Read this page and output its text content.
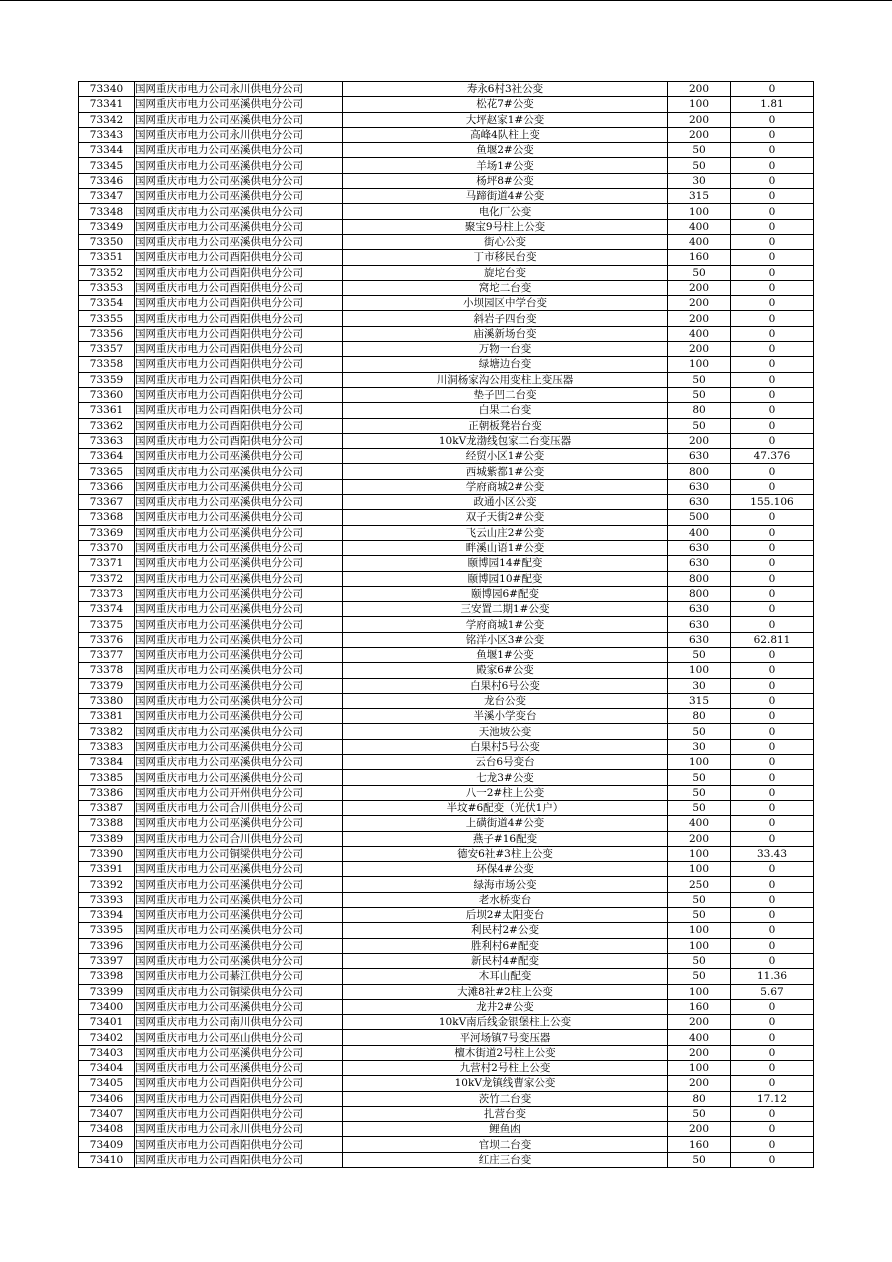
73340	国网重庆市电力公司永川供电分公司	寿永6村3社公变	200	0
73341	国网重庆市电力公司巫溪供电分公司	松花7#公变	100	1.81
73342	国网重庆市电力公司巫溪供电分公司	大坪赵家1#公变	200	0
73343	国网重庆市电力公司永川供电分公司	高峰4队柱上变	200	0
73344	国网重庆市电力公司巫溪供电分公司	鱼堰2#公变	50	0
73345	国网重庆市电力公司巫溪供电分公司	羊场1#公变	50	0
73346	国网重庆市电力公司巫溪供电分公司	杨坪8#公变	30	0
73347	国网重庆市电力公司巫溪供电分公司	马蹄街道4#公变	315	0
73348	国网重庆市电力公司巫溪供电分公司	电化厂公变	100	0
73349	国网重庆市电力公司巫溪供电分公司	聚宝9号柱上公变	400	0
73350	国网重庆市电力公司巫溪供电分公司	街心公变	400	0
73351	国网重庆市电力公司酉阳供电分公司	丁市移民台变	160	0
73352	国网重庆市电力公司酉阳供电分公司	旋坨台变	50	0
73353	国网重庆市电力公司酉阳供电分公司	窝坨二台变	200	0
73354	国网重庆市电力公司酉阳供电分公司	小坝园区中学台变	200	0
73355	国网重庆市电力公司酉阳供电分公司	斜岩子四台变	200	0
73356	国网重庆市电力公司酉阳供电分公司	庙溪新场台变	400	0
73357	国网重庆市电力公司酉阳供电分公司	万物一台变	200	0
73358	国网重庆市电力公司酉阳供电分公司	绿塘边台变	100	0
73359	国网重庆市电力公司酉阳供电分公司	川洞杨家沟公用变柱上变压器	50	0
73360	国网重庆市电力公司酉阳供电分公司	垫子凹二台变	50	0
73361	国网重庆市电力公司酉阳供电分公司	白果二台变	80	0
73362	国网重庆市电力公司酉阳供电分公司	正朝板凳岩台变	50	0
73363	国网重庆市电力公司酉阳供电分公司	10kV龙渤线包家二台变压器	200	0
73364	国网重庆市电力公司巫溪供电分公司	经贸小区1#公变	630	47.376
73365	国网重庆市电力公司巫溪供电分公司	西城紫都1#公变	800	0
73366	国网重庆市电力公司巫溪供电分公司	学府商城2#公变	630	0
73367	国网重庆市电力公司巫溪供电分公司	政通小区公变	630	155.106
73368	国网重庆市电力公司巫溪供电分公司	双子天街2#公变	500	0
73369	国网重庆市电力公司巫溪供电分公司	飞云山庄2#公变	400	0
73370	国网重庆市电力公司巫溪供电分公司	畔溪山语1#公变	630	0
73371	国网重庆市电力公司巫溪供电分公司	颐博园14#配变	630	0
73372	国网重庆市电力公司巫溪供电分公司	颐博园10#配变	800	0
73373	国网重庆市电力公司巫溪供电分公司	颐博园6#配变	800	0
73374	国网重庆市电力公司巫溪供电分公司	三安置二期1#公变	630	0
73375	国网重庆市电力公司巫溪供电分公司	学府商城1#公变	630	0
73376	国网重庆市电力公司巫溪供电分公司	铭洋小区3#公变	630	62.811
73377	国网重庆市电力公司巫溪供电分公司	鱼堰1#公变	50	0
73378	国网重庆市电力公司巫溪供电分公司	殿家6#公变	100	0
73379	国网重庆市电力公司巫溪供电分公司	白果村6号公变	30	0
73380	国网重庆市电力公司巫溪供电分公司	龙台公变	315	0
73381	国网重庆市电力公司巫溪供电分公司	半溪小学变台	80	0
73382	国网重庆市电力公司巫溪供电分公司	天池坡公变	50	0
73383	国网重庆市电力公司巫溪供电分公司	白果村5号公变	30	0
73384	国网重庆市电力公司巫溪供电分公司	云台6号变台	100	0
73385	国网重庆市电力公司巫溪供电分公司	七龙3#公变	50	0
73386	国网重庆市电力公司开州供电分公司	八一2#柱上公变	50	0
73387	国网重庆市电力公司合川供电分公司	半坟#6配变（光伏1户）	50	0
73388	国网重庆市电力公司巫溪供电分公司	上磺街道4#公变	400	0
73389	国网重庆市电力公司合川供电分公司	燕子#16配变	200	0
73390	国网重庆市电力公司铜梁供电分公司	德安6社#3柱上公变	100	33.43
73391	国网重庆市电力公司巫溪供电分公司	环保4#公变	100	0
73392	国网重庆市电力公司巫溪供电分公司	绿海市场公变	250	0
73393	国网重庆市电力公司巫溪供电分公司	老水桥变台	50	0
73394	国网重庆市电力公司巫溪供电分公司	后坝2#太阳变台	50	0
73395	国网重庆市电力公司巫溪供电分公司	利民村2#公变	100	0
73396	国网重庆市电力公司巫溪供电分公司	胜利村6#配变	100	0
73397	国网重庆市电力公司巫溪供电分公司	新民村4#配变	50	0
73398	国网重庆市电力公司綦江供电分公司	木耳山配变	50	11.36
73399	国网重庆市电力公司铜梁供电分公司	大滩8社#2柱上公变	100	5.67
73400	国网重庆市电力公司巫溪供电分公司	龙井2#公变	160	0
73401	国网重庆市电力公司南川供电分公司	10kV南后线金银堡柱上公变	200	0
73402	国网重庆市电力公司巫山供电分公司	平河场镇7号变压器	400	0
73403	国网重庆市电力公司巫溪供电分公司	檀木街道2号柱上公变	200	0
73404	国网重庆市电力公司巫溪供电分公司	九营村2号柱上公变	100	0
73405	国网重庆市电力公司酉阳供电分公司	10kV龙镇线曹家公变	200	0
73406	国网重庆市电力公司酉阳供电分公司	茨竹二台变	80	17.12
73407	国网重庆市电力公司酉阳供电分公司	扎营台变	50	0
73408	国网重庆市电力公司永川供电分公司	鲤鱼凼	200	0
73409	国网重庆市电力公司酉阳供电分公司	官坝二台变	160	0
73410	国网重庆市电力公司酉阳供电分公司	红庄三台变	50	0
